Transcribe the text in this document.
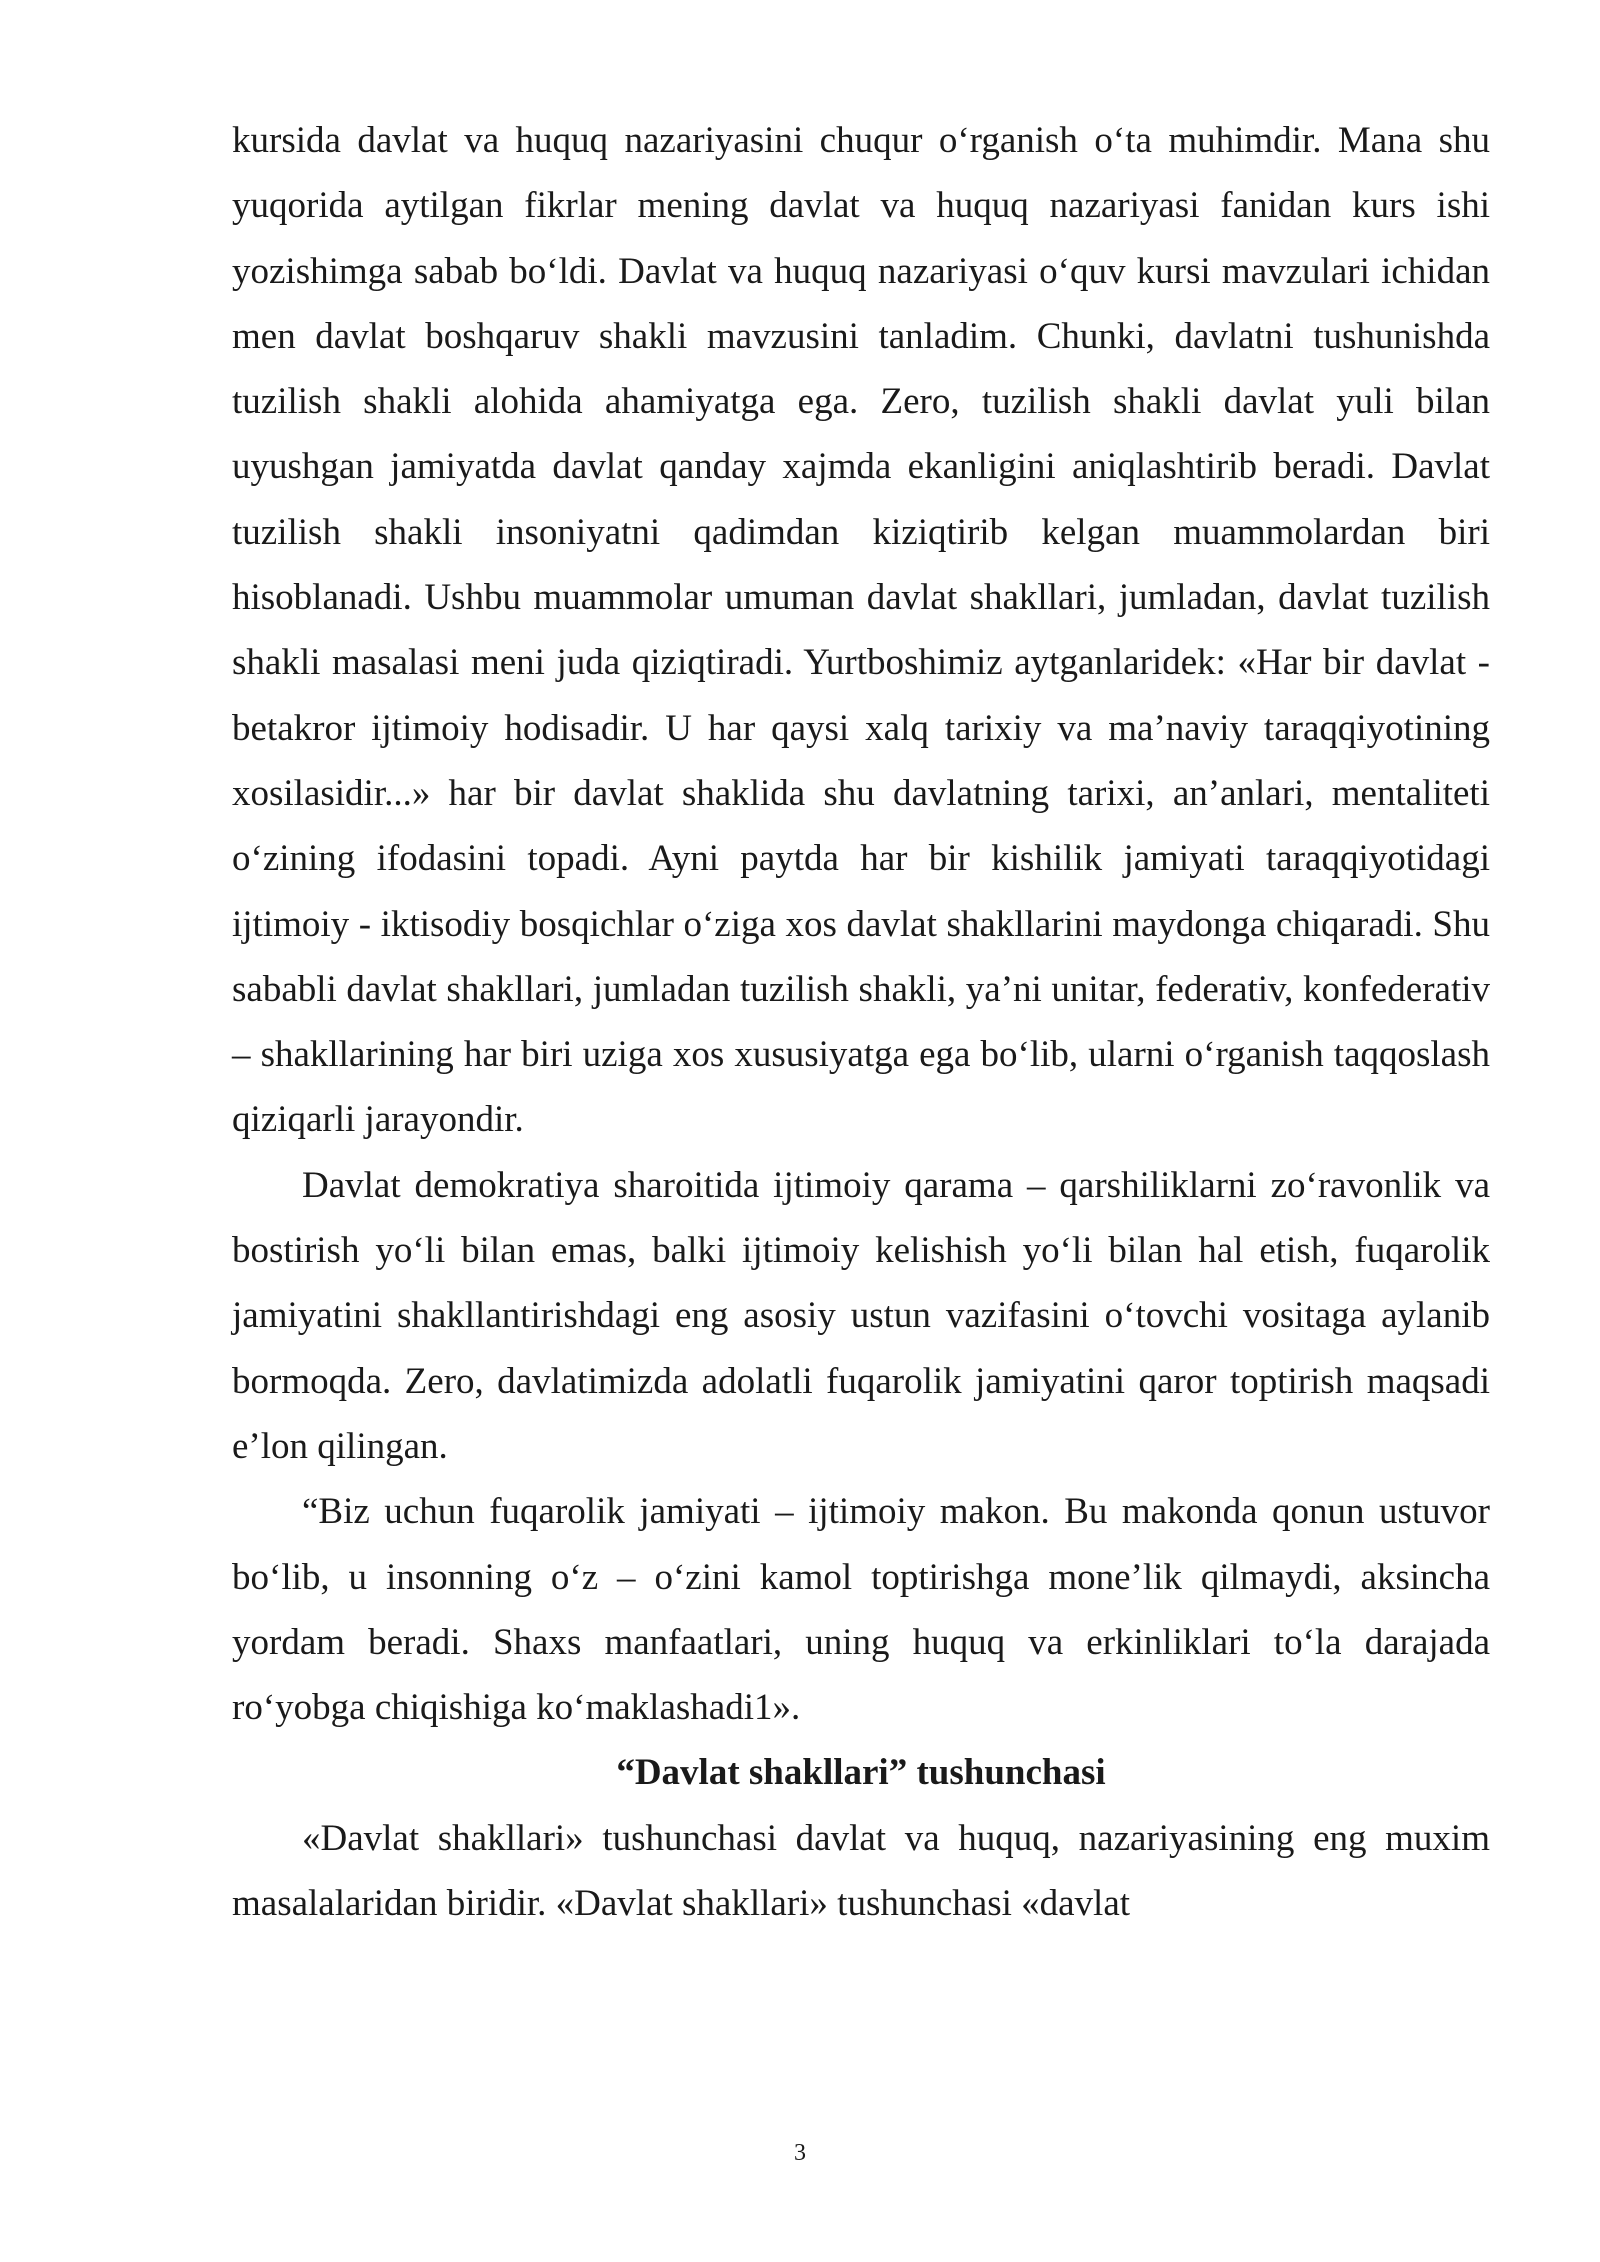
kursida davlat va huquq nazariyasini chuqur o‘rganish o‘ta muhimdir. Mana shu yuqorida aytilgan fikrlar mening davlat va huquq nazariyasi fanidan kurs ishi yozishimga sabab bo‘ldi. Davlat va huquq nazariyasi o‘quv kursi mavzulari ichidan men davlat boshqaruv shakli mavzusini tanladim. Chunki, davlatni tushunishda tuzilish shakli alohida ahamiyatga ega. Zero, tuzilish shakli davlat yuli bilan uyushgan jamiyatda davlat qanday xajmda ekanligini aniqlashtirib beradi. Davlat tuzilish shakli insoniyatni qadimdan kiziqtirib kelgan muammolardan biri hisoblanadi. Ushbu muammolar umuman davlat shakllari, jumladan, davlat tuzilish shakli masalasi meni juda qiziqtiradi. Yurtboshimiz aytganlaridek: «Har bir davlat - betakror ijtimoiy hodisadir. U har qaysi xalq tarixiy va ma’naviy taraqqiyotining xosilasidir...» har bir davlat shaklida shu davlatning tarixi, an’anlari, mentaliteti o‘zining ifodasini topadi. Ayni paytda har bir kishilik jamiyati taraqqiyotidagi ijtimoiy - iktisodiy bosqichlar o‘ziga xos davlat shakllarini maydonga chiqaradi. Shu sababli davlat shakllari, jumladan tuzilish shakli, ya’ni unitar, federativ, konfederativ – shakllarining har biri uziga xos xususiyatga ega bo‘lib, ularni o‘rganish taqqoslash qiziqarli jarayondir.

Davlat demokratiya sharoitida ijtimoiy qarama – qarshiliklarni zo‘ravonlik va bostirish yo‘li bilan emas, balki ijtimoiy kelishish yo‘li bilan hal etish, fuqarolik jamiyatini shakllantirishdagi eng asosiy ustun vazifasini o‘tovchi vositaga aylanib bormoqda. Zero, davlatimizda adolatli fuqarolik jamiyatini qaror toptirish maqsadi e’lon qilingan.

“Biz uchun fuqarolik jamiyati – ijtimoiy makon. Bu makonda qonun ustuvor bo‘lib, u insonning o‘z – o‘zini kamol toptirishga mone’lik qilmaydi, aksincha yordam beradi. Shaxs manfaatlari, uning huquq va erkinliklari to‘la darajada ro‘yobga chiqishiga ko‘maklashadi1».

“Davlat shakllari” tushunchasi

«Davlat shakllari» tushunchasi davlat va huquq, nazariyasining eng muxim masalalaridan biridir. «Davlat shakllari» tushunchasi «davlat

3
